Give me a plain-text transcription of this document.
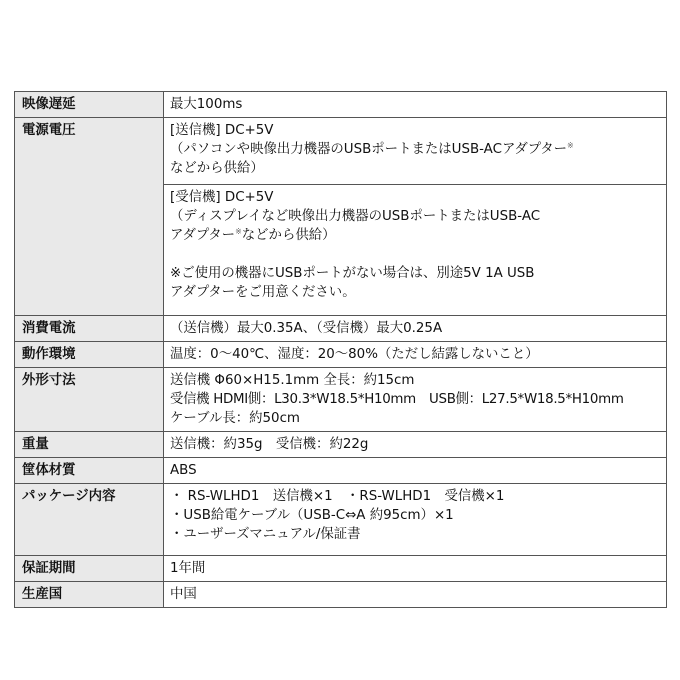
映像遅延	最大100ms

電源電圧	[送信機] DC+5V
（パソコンや映像出力機器のUSBポートまたはUSB-ACアダプター※
などから供給）

	[受信機] DC+5V
（ディスプレイなど映像出力機器のUSBポートまたはUSB-AC
アダプター※などから供給）
※ご使用の機器にUSBポートがない場合は、別途5V 1A USB
アダプターをご用意ください。

消費電流	（送信機）最大0.35A、（受信機）最大0.25A

動作環境	温度：0～40℃、湿度：20～80%（ただし結露しないこと）

外形寸法	送信機 Φ60×H15.1mm 全長：約15cm
受信機 HDMI側：L30.3*W18.5*H10mm　USB側：L27.5*W18.5*H10mm
ケーブル長：約50cm

重量	送信機：約35g　受信機：約22g

筐体材質	ABS

パッケージ内容	・ RS-WLHD1　送信機×1　・RS-WLHD1　受信機×1
・USB給電ケーブル（USB-C⇔A 約95cm）×1
・ユーザーズマニュアル/保証書

保証期間	1年間

生産国	中国
